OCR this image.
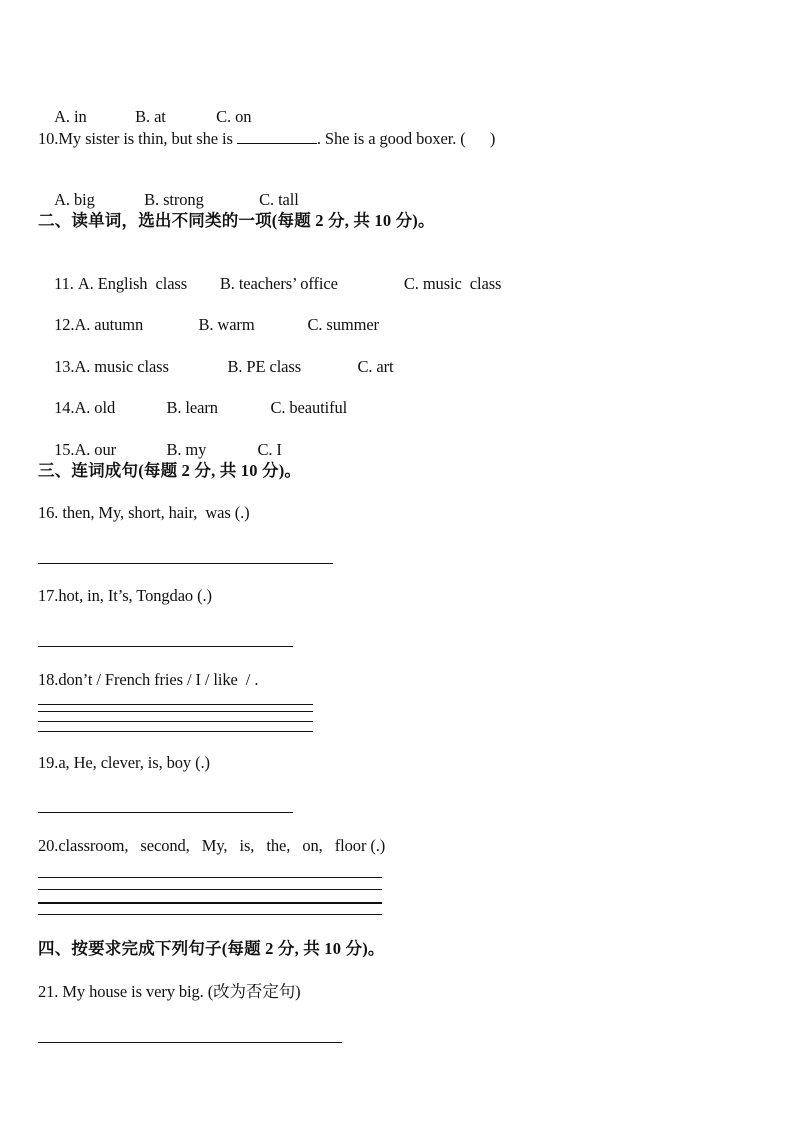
A. in	B. at	C. on

10.My sister is thin, but she is	. She is a good boxer. (      )

A. big	B. strong	C. tall

二、读单词，选出不同类的一项(每题 2 分, 共 10 分)。

11. A. English  class B. teachers’ office	C. music  class

12.A. autumn	B. warm	C. summer

13.A. music class	B. PE class	C. art

14.A. old	B. learn	C. beautiful

15.A. our	B. my	C. I

三、连词成句(每题 2 分, 共 10 分)。
16. then, My, short, hair,  was (.)
17.hot, in, It’s, Tongdao (.)
18.don’t / French fries / I / like  / .
19.a, He, clever, is, boy (.)
20.classroom,   second,   My,   is,   the,   on,   floor (.)
四、按要求完成下列句子(每题 2 分, 共 10 分)。
21. My house is very big. (改为否定句)
